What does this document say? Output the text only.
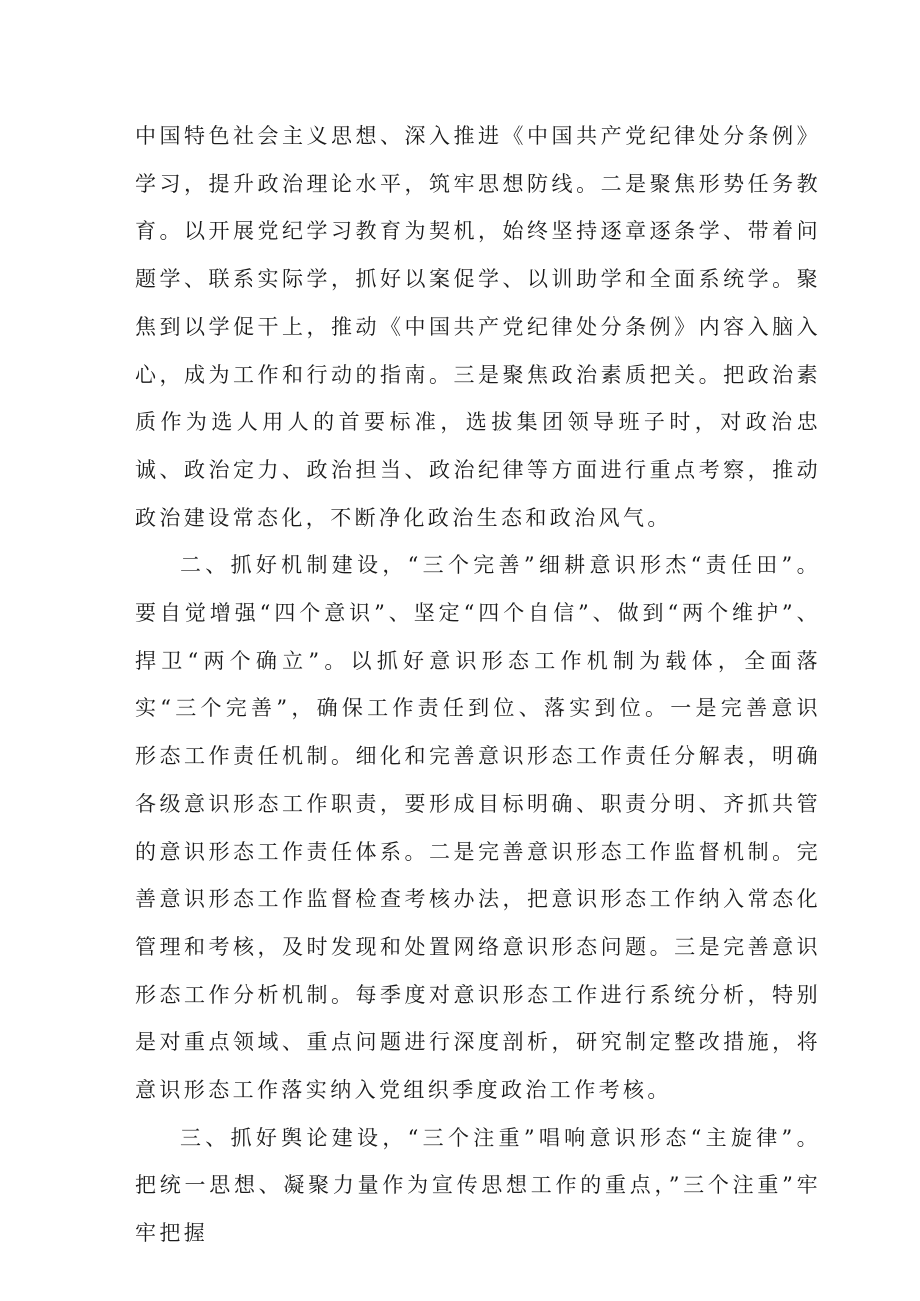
中国特色社会主义思想、深入推进《中国共产党纪律处分条例》学习，提升政治理论水平，筑牢思想防线。二是聚焦形势任务教育。以开展党纪学习教育为契机，始终坚持逐章逐条学、带着问题学、联系实际学，抓好以案促学、以训助学和全面系统学。聚焦到以学促干上，推动《中国共产党纪律处分条例》内容入脑入心，成为工作和行动的指南。三是聚焦政治素质把关。把政治素质作为选人用人的首要标准，选拔集团领导班子时，对政治忠诚、政治定力、政治担当、政治纪律等方面进行重点考察，推动政治建设常态化，不断净化政治生态和政治风气。

二、抓好机制建设，“三个完善”细耕意识形杰“责任田”。要自觉增强“四个意识”、坚定“四个自信”、做到“两个维护”、捍卫“两个确立”。以抓好意识形态工作机制为载体，全面落实“三个完善”，确保工作责任到位、落实到位。一是完善意识形态工作责任机制。细化和完善意识形态工作责任分解表，明确各级意识形态工作职责，要形成目标明确、职责分明、齐抓共管的意识形态工作责任体系。二是完善意识形态工作监督机制。完善意识形态工作监督检查考核办法，把意识形态工作纳入常态化管理和考核，及时发现和处置网络意识形态问题。三是完善意识形态工作分析机制。每季度对意识形态工作进行系统分析，特别是对重点领域、重点问题进行深度剖析，研究制定整改措施，将意识形态工作落实纳入党组织季度政治工作考核。

三、抓好舆论建设，“三个注重”唱响意识形态“主旋律”。把统一思想、凝聚力量作为宣传思想工作的重点，”三个注重”牢牢把握
